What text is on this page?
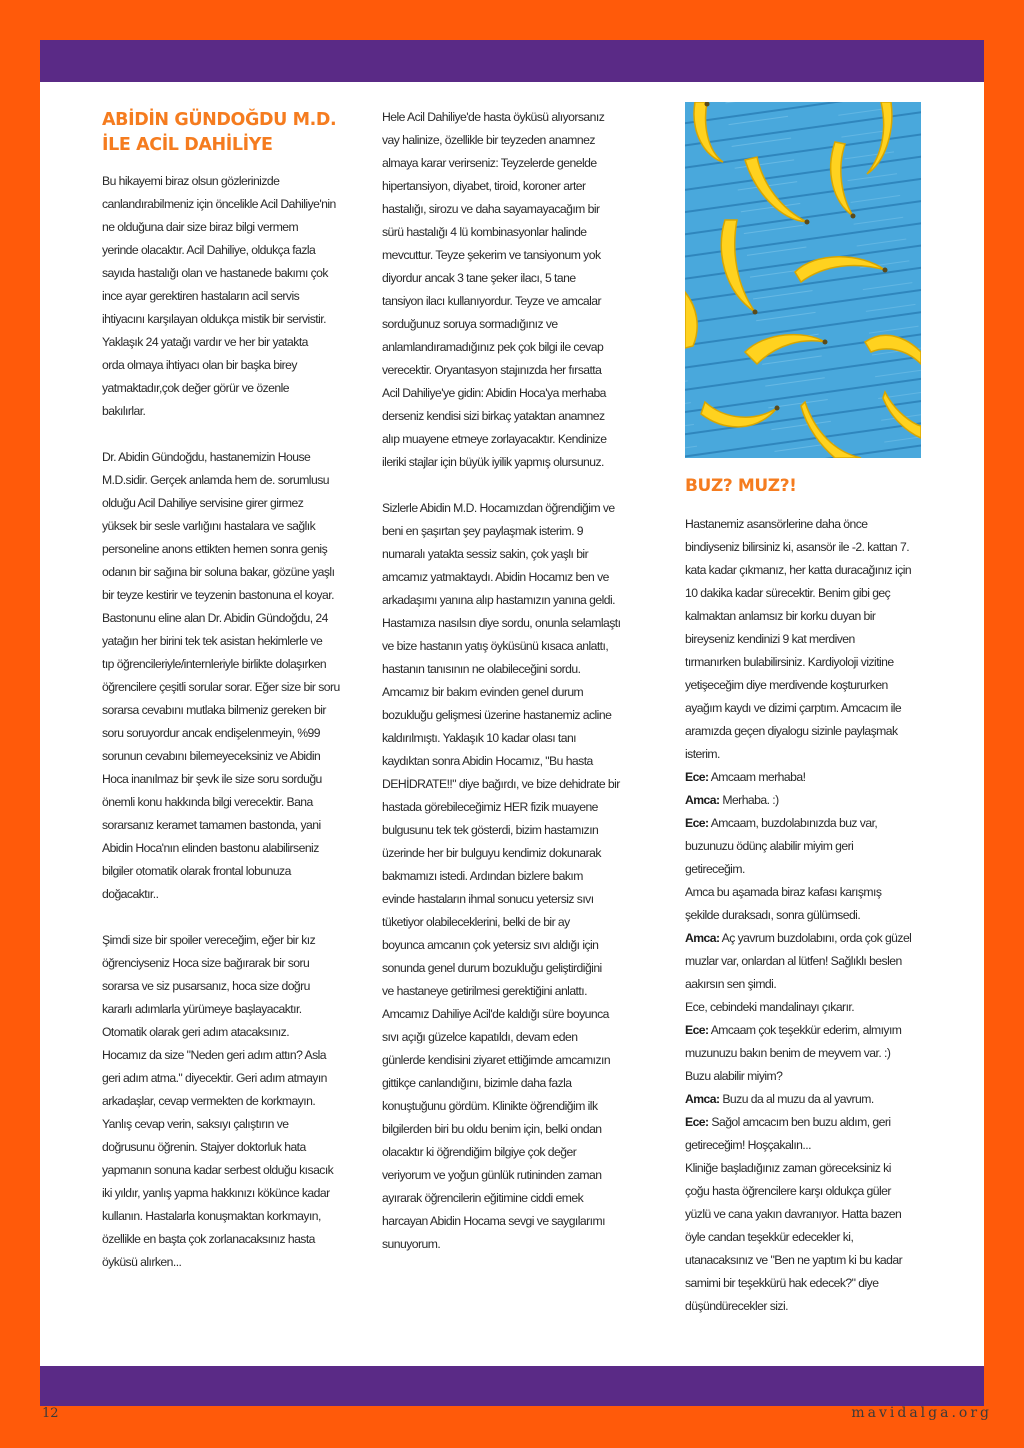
ABİDİN GÜNDOĞDU M.D. İLE ACİL DAHİLİYE

Bu hikayemi biraz olsun gözlerinizde
canlandırabilmeniz için öncelikle Acil Dahiliye'nin
ne olduğuna dair size biraz bilgi vermem
yerinde olacaktır. Acil Dahiliye, oldukça fazla
sayıda hastalığı olan ve hastanede bakımı çok
ince ayar gerektiren hastaların acil servis
ihtiyacını karşılayan oldukça mistik bir servistir.
Yaklaşık 24 yatağı vardır ve her bir yatakta
orda olmaya ihtiyacı olan bir başka birey
yatmaktadır,çok değer görür ve özenle
bakılırlar.

Dr. Abidin Gündoğdu, hastanemizin House
M.D.sidir. Gerçek anlamda hem de. sorumlusu
olduğu Acil Dahiliye servisine girer girmez
yüksek bir sesle varlığını hastalara ve sağlık
personeline anons ettikten hemen sonra geniş
odanın bir sağına bir soluna bakar, gözüne yaşlı
bir teyze kestirir ve teyzenin bastonuna el koyar.
Bastonunu eline alan Dr. Abidin Gündoğdu, 24
yatağın her birini tek tek asistan hekimlerle ve
tıp öğrencileriyle/internleriyle birlikte dolaşırken
öğrencilere çeşitli sorular sorar. Eğer size bir soru
sorarsa cevabını mutlaka bilmeniz gereken bir
soru soruyordur ancak endişelenmeyin, %99
sorunun cevabını bilemeyeceksiniz ve Abidin
Hoca inanılmaz bir şevk ile size soru sorduğu
önemli konu hakkında bilgi verecektir. Bana
sorarsanız keramet tamamen bastonda, yani
Abidin Hoca'nın elinden bastonu alabilirseniz
bilgiler otomatik olarak frontal lobunuza
doğacaktır..

Şimdi size bir spoiler vereceğim, eğer bir kız
öğrenciyseniz Hoca size bağırarak bir soru
sorarsa ve siz pusarsanız, hoca size doğru
kararlı adımlarla yürümeye başlayacaktır.
Otomatik olarak geri adım atacaksınız.
Hocamız da size "Neden geri adım attın? Asla
geri adım atma." diyecektir. Geri adım atmayın
arkadaşlar, cevap vermekten de korkmayın.
Yanlış cevap verin, saksıyı çalıştırın ve
doğrusunu öğrenin. Stajyer doktorluk hata
yapmanın sonuna kadar serbest olduğu kısacık
iki yıldır, yanlış yapma hakkınızı kökünce kadar
kullanın. Hastalarla konuşmaktan korkmayın,
özellikle en başta çok zorlanacaksınız hasta
öyküsü alırken...

Hele Acil Dahiliye'de hasta öyküsü alıyorsanız
vay halinize, özellikle bir teyzeden anamnez
almaya karar verirseniz: Teyzelerde genelde
hipertansiyon, diyabet, tiroid, koroner arter
hastalığı, sirozu ve daha sayamayacağım bir
sürü hastalığı 4 lü kombinasyonlar halinde
mevcuttur. Teyze şekerim ve tansiyonum yok
diyordur ancak 3 tane şeker ilacı, 5 tane
tansiyon ilacı kullanıyordur. Teyze ve amcalar
sorduğunuz soruya sormadığınız ve
anlamlandıramadığınız pek çok bilgi ile cevap
verecektir. Oryantasyon stajınızda her fırsatta
Acil Dahiliye'ye gidin: Abidin Hoca'ya merhaba
derseniz kendisi sizi birkaç yataktan anamnez
alıp muayene etmeye zorlayacaktır. Kendinize
ileriki stajlar için büyük iyilik yapmış olursunuz.

Sizlerle Abidin M.D. Hocamızdan öğrendiğim ve
beni en şaşırtan şey paylaşmak isterim. 9
numaralı yatakta sessiz sakin, çok yaşlı bir
amcamız yatmaktaydı. Abidin Hocamız ben ve
arkadaşımı yanına alıp hastamızın yanına geldi.
Hastamıza nasılsın diye sordu, onunla selamlaştı
ve bize hastanın yatış öyküsünü kısaca anlattı,
hastanın tanısının ne olabileceğini sordu.
Amcamız bir bakım evinden genel durum
bozukluğu gelişmesi üzerine hastanemiz acline
kaldırılmıştı. Yaklaşık 10 kadar olası tanı
kaydıktan sonra Abidin Hocamız, "Bu hasta
DEHİDRATE!!" diye bağırdı, ve bize dehidrate bir
hastada görebileceğimiz HER fizik muayene
bulgusunu tek tek gösterdi, bizim hastamızın
üzerinde her bir bulguyu kendimiz dokunarak
bakmamızı istedi. Ardından bizlere bakım
evinde hastaların ihmal sonucu yetersiz sıvı
tüketiyor olabileceklerini, belki de bir ay
boyunca amcanın çok yetersiz sıvı aldığı için
sonunda genel durum bozukluğu geliştirdiğini
ve hastaneye getirilmesi gerektiğini anlattı.
Amcamız Dahiliye Acil'de kaldığı süre boyunca
sıvı açığı güzelce kapatıldı, devam eden
günlerde kendisini ziyaret ettiğimde amcamızın
gittikçe canlandığını, bizimle daha fazla
konuştuğunu gördüm. Klinikte öğrendiğim ilk
bilgilerden biri bu oldu benim için, belki ondan
olacaktır ki öğrendiğim bilgiye çok değer
veriyorum ve yoğun günlük rutininden zaman
ayırarak öğrencilerin eğitimine ciddi emek
harcayan Abidin Hocama sevgi ve saygılarımı
sunuyorum.

BUZ? MUZ?!

Hastanemiz asansörlerine daha önce
bindiyseniz bilirsiniz ki, asansör ile -2. kattan 7.
kata kadar çıkmanız, her katta duracağınız için
10 dakika kadar sürecektir. Benim gibi geç
kalmaktan anlamsız bir korku duyan bir
bireyseniz kendinizi 9 kat merdiven
tırmanırken bulabilirsiniz. Kardiyoloji vizitine
yetişeceğim diye merdivende koştururken
ayağım kaydı ve dizimi çarptım. Amcacım ile
aramızda geçen diyalogu sizinle paylaşmak
isterim.

Ece: Amcaam merhaba!
Amca: Merhaba. :)
Ece: Amcaam, buzdolabınızda buz var,
buzunuzu ödünç alabilir miyim geri
getireceğim.
Amca bu aşamada biraz kafası karışmış
şekilde duraksadı, sonra gülümsedi.
Amca: Aç yavrum buzdolabını, orda çok güzel
muzlar var, onlardan al lütfen! Sağlıklı beslen
aakırsın sen şimdi.
Ece, cebindeki mandalinayı çıkarır.
Ece: Amcaam çok teşekkür ederim, almıyım
muzunuzu bakın benim de meyvem var. :)
Buzu alabilir miyim?
Amca: Buzu da al muzu da al yavrum.
Ece: Sağol amcacım ben buzu aldım, geri
getireceğim! Hoşçakalın...
Kliniğe başladığınız zaman göreceksiniz ki
çoğu hasta öğrencilere karşı oldukça güler
yüzlü ve cana yakın davranıyor. Hatta bazen
öyle candan teşekkür edecekler ki,
utanacaksınız ve "Ben ne yaptım ki bu kadar
samimi bir teşekkürü hak edecek?" diye
düşündürecekler sizi.
12	mavidalga.org
